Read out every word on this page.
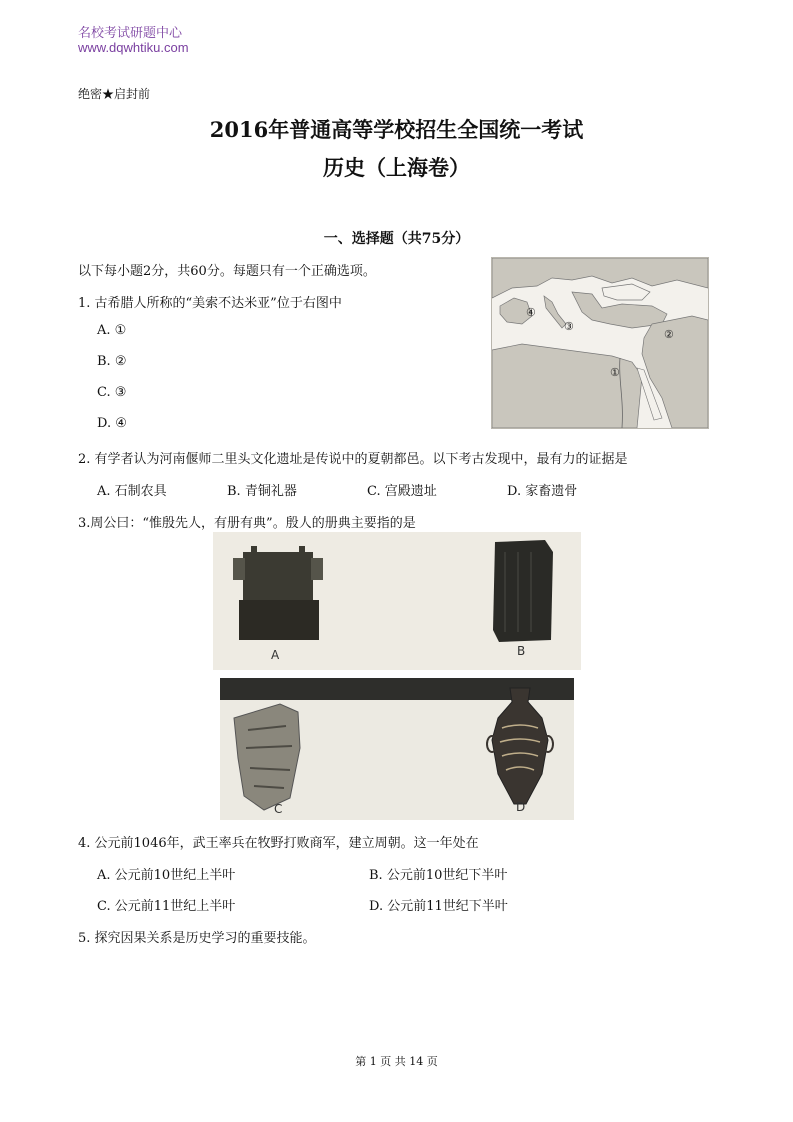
名校考试研题中心
www.dqwhtiku.com
绝密★启封前
2016年普通高等学校招生全国统一考试
历史（上海卷）
一、选择题（共75分）
以下每小题2分，共60分。每题只有一个正确选项。
1. 古希腊人所称的“美索不达米亚”位于右图中
A. ①
B. ②
C. ③
D. ④
④
③
②
①
2. 有学者认为河南偃师二里头文化遗址是传说中的夏朝都邑。以下考古发现中，最有力的证据是
A. 石制农具	B. 青铜礼器	C. 宫殿遗址	D. 家畜遗骨
3.周公曰：“惟殷先人，有册有典”。殷人的册典主要指的是
A	B
C	D
4. 公元前1046年，武王率兵在牧野打败商军，建立周朝。这一年处在
A. 公元前10世纪上半叶	B. 公元前10世纪下半叶
C. 公元前11世纪上半叶	D. 公元前11世纪下半叶
5. 探究因果关系是历史学习的重要技能。
第 1 页 共 14 页
